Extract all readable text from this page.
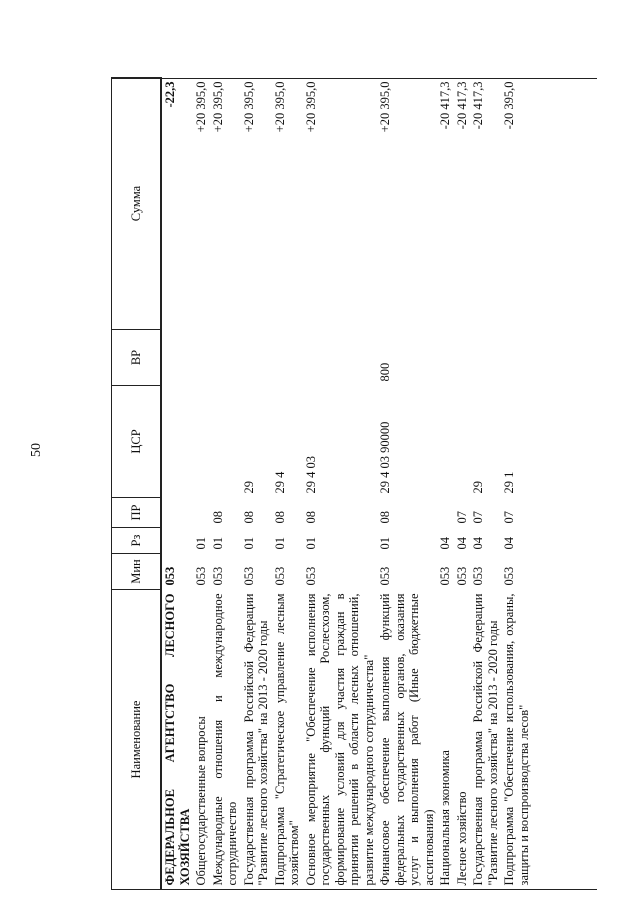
50
Наименование	Мин	Рз	ПР	ЦСР	ВР	Сумма
ФЕДЕРАЛЬНОЕ АГЕНТСТВО ЛЕСНОГО ХОЗЯЙСТВА	053					-22,3
Общегосударственные вопросы	053	01				+20 395,0
Международные отношения и международное сотрудничество	053	01	08			+20 395,0
Государственная программа Российской Федерации "Развитие лесного хозяйства" на 2013 - 2020 годы	053	01	08	29		+20 395,0
Подпрограмма "Стратегическое управление лесным хозяйством"	053	01	08	29 4		+20 395,0
Основное мероприятие "Обеспечение исполнения государственных функций Рослесхозом, формирование условий для участия граждан в принятии решений в области лесных отношений, развитие международного сотрудничества"	053	01	08	29 4 03		+20 395,0
Финансовое обеспечение выполнения функций федеральных государственных органов, оказания услуг и выполнения работ (Иные бюджетные ассигнования)	053	01	08	29 4 03 90000	800	+20 395,0
Национальная экономика	053	04				-20 417,3
Лесное хозяйство	053	04	07			-20 417,3
Государственная программа Российской Федерации "Развитие лесного хозяйства" на 2013 - 2020 годы	053	04	07	29		-20 417,3
Подпрограмма "Обеспечение использования, охраны, защиты и воспроизводства лесов"	053	04	07	29 1		-20 395,0
